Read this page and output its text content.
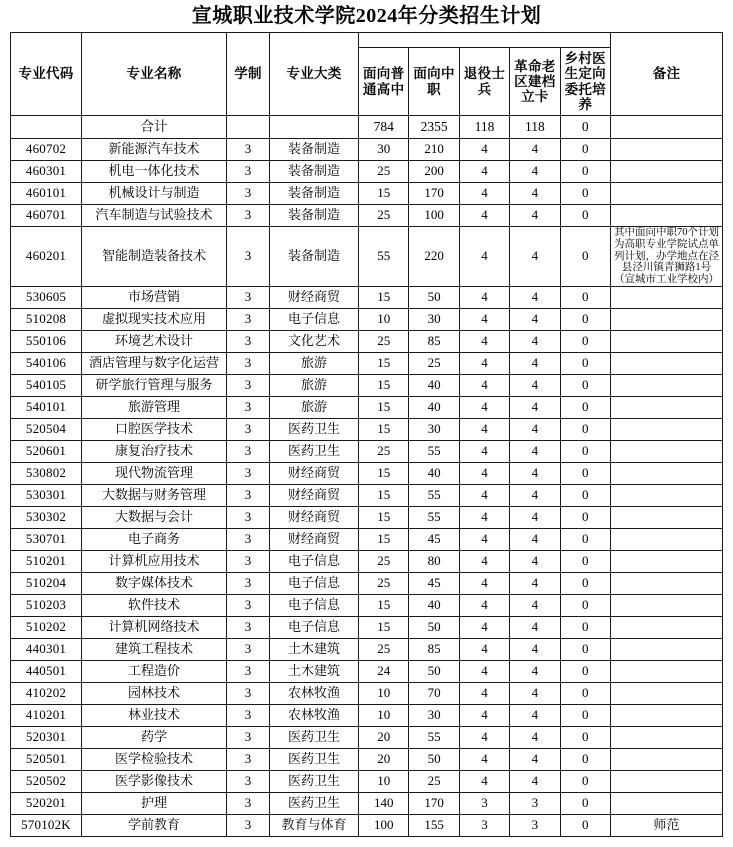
宣城职业技术学院2024年分类招生计划
专业代码	专业名称	学制	专业大类						备注
				面向普通高中	面向中职	退役士兵	革命老区建档立卡	乡村医生定向委托培养	
	合计			784	2355	118	118	0	
460702	新能源汽车技术	3	装备制造	30	210	4	4	0	
460301	机电一体化技术	3	装备制造	25	200	4	4	0	
460101	机械设计与制造	3	装备制造	15	170	4	4	0	
460701	汽车制造与试验技术	3	装备制造	25	100	4	4	0	
460201	智能制造装备技术	3	装备制造	55	220	4	4	0	其中面向中职70个计划为高职专业学院试点单列计划，办学地点在泾县泾川镇青狮路1号（宣城市工业学校内）
530605	市场营销	3	财经商贸	15	50	4	4	0	
510208	虚拟现实技术应用	3	电子信息	10	30	4	4	0	
550106	环境艺术设计	3	文化艺术	25	85	4	4	0	
540106	酒店管理与数字化运营	3	旅游	15	25	4	4	0	
540105	研学旅行管理与服务	3	旅游	15	40	4	4	0	
540101	旅游管理	3	旅游	15	40	4	4	0	
520504	口腔医学技术	3	医药卫生	15	30	4	4	0	
520601	康复治疗技术	3	医药卫生	25	55	4	4	0	
530802	现代物流管理	3	财经商贸	15	40	4	4	0	
530301	大数据与财务管理	3	财经商贸	15	55	4	4	0	
530302	大数据与会计	3	财经商贸	15	55	4	4	0	
530701	电子商务	3	财经商贸	15	45	4	4	0	
510201	计算机应用技术	3	电子信息	25	80	4	4	0	
510204	数字媒体技术	3	电子信息	25	45	4	4	0	
510203	软件技术	3	电子信息	15	40	4	4	0	
510202	计算机网络技术	3	电子信息	15	50	4	4	0	
440301	建筑工程技术	3	土木建筑	25	85	4	4	0	
440501	工程造价	3	土木建筑	24	50	4	4	0	
410202	园林技术	3	农林牧渔	10	70	4	4	0	
410201	林业技术	3	农林牧渔	10	30	4	4	0	
520301	药学	3	医药卫生	20	55	4	4	0	
520501	医学检验技术	3	医药卫生	20	50	4	4	0	
520502	医学影像技术	3	医药卫生	10	25	4	4	0	
520201	护理	3	医药卫生	140	170	3	3	0	
570102K	学前教育	3	教育与体育	100	155	3	3	0	师范
